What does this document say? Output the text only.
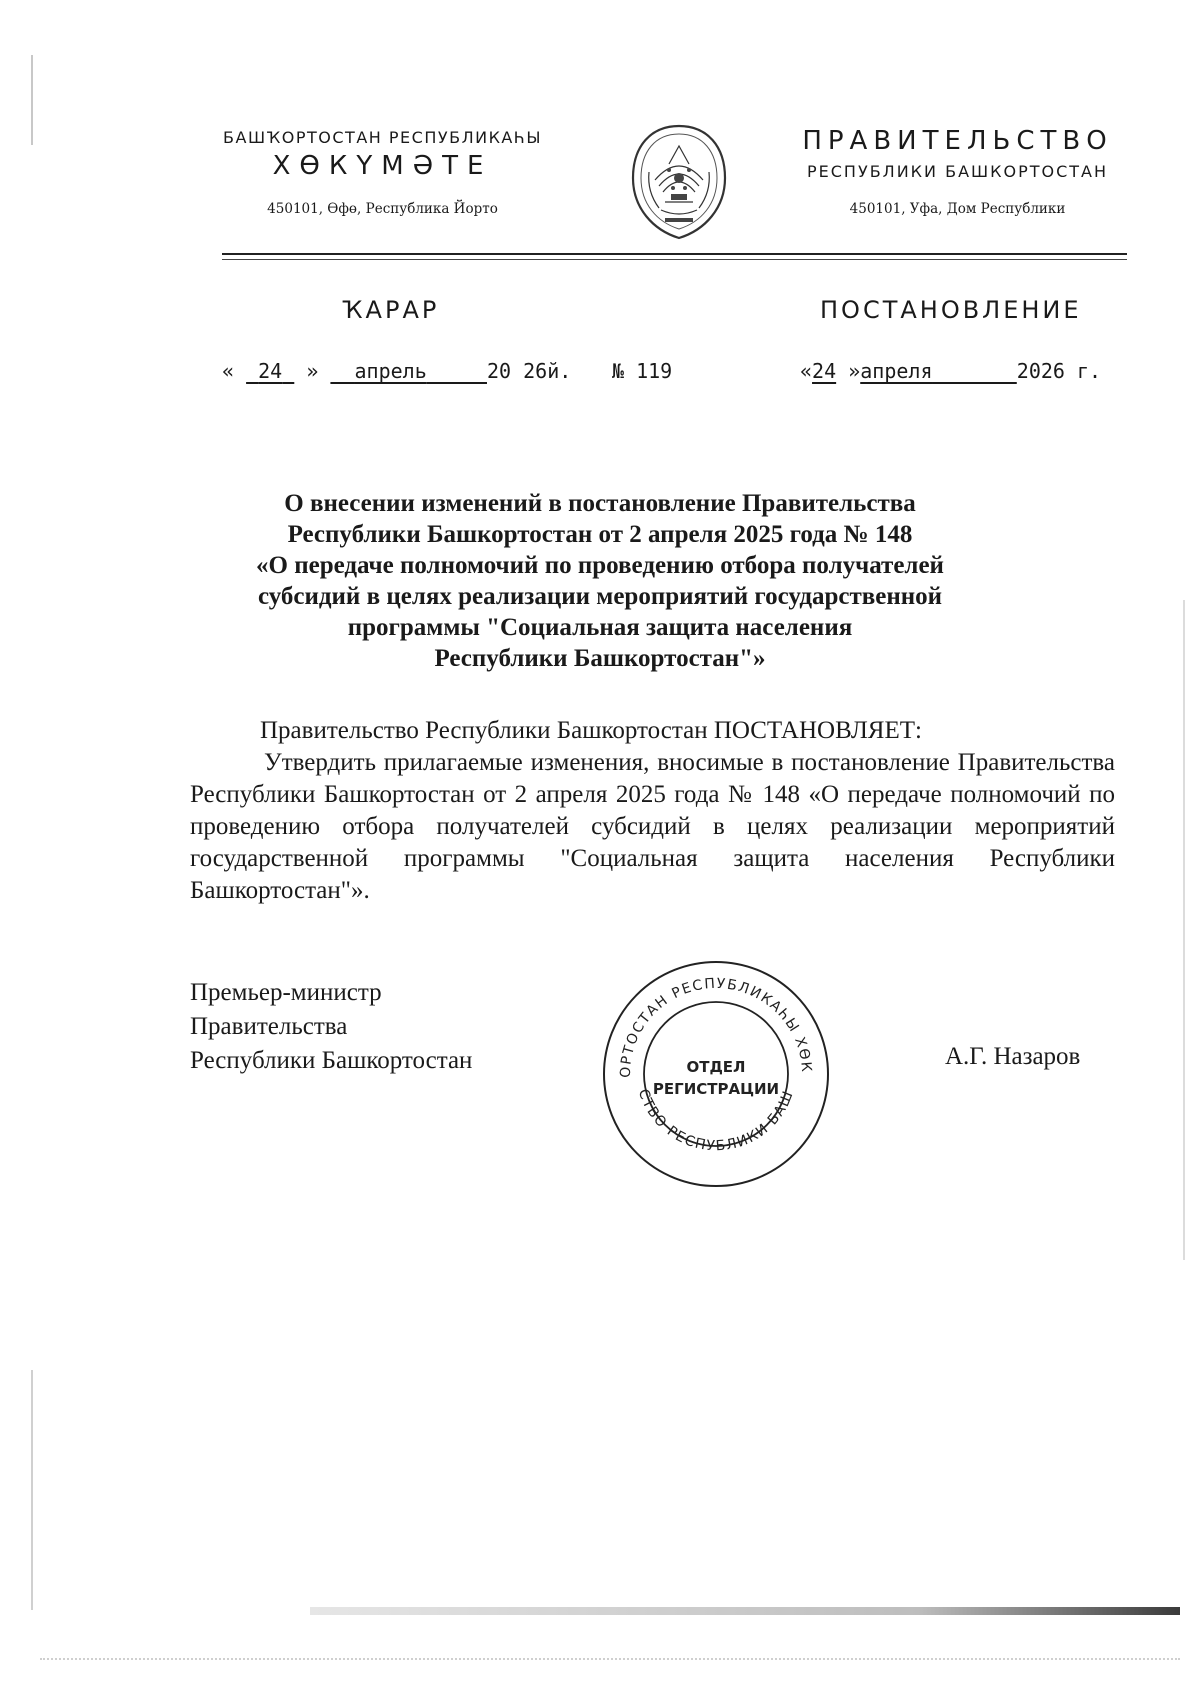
БАШҠОРТОСТАН РЕСПУБЛИКАҺЫ
ХӨКҮМӘТЕ
450101, Өфө, Республика Йорто
ПРАВИТЕЛЬСТВО
РЕСПУБЛИКИ БАШКОРТОСТАН
450101, Уфа, Дом Республики
ҠАРАР	ПОСТАНОВЛЕНИЕ
« 24 » апрель	20 26й. № 119	«24 »апреля	2026 г.
О внесении изменений в постановление Правительства
Республики Башкортостан от 2 апреля 2025 года № 148
«О передаче полномочий по проведению отбора получателей
субсидий в целях реализации мероприятий государственной
программы "Социальная защита населения
Республики Башкортостан"»
Правительство Республики Башкортостан ПОСТАНОВЛЯЕТ:
Утвердить прилагаемые изменения, вносимые в постановление Правительства Республики Башкортостан от 2 апреля 2025 года № 148 «О передаче полномочий по проведению отбора получателей субсидий в целях реализации мероприятий государственной программы "Социальная защита населения Республики Башкортостан"».
Премьер-министр
Правительства
Республики Башкортостан	А.Г. Назаров
ОРТОСТАН РЕСПУБЛИКАҺЫ ХӨК
СТВО РЕСПУБЛИКИ БАШ
ОТДЕЛ
РЕГИСТРАЦИИ
